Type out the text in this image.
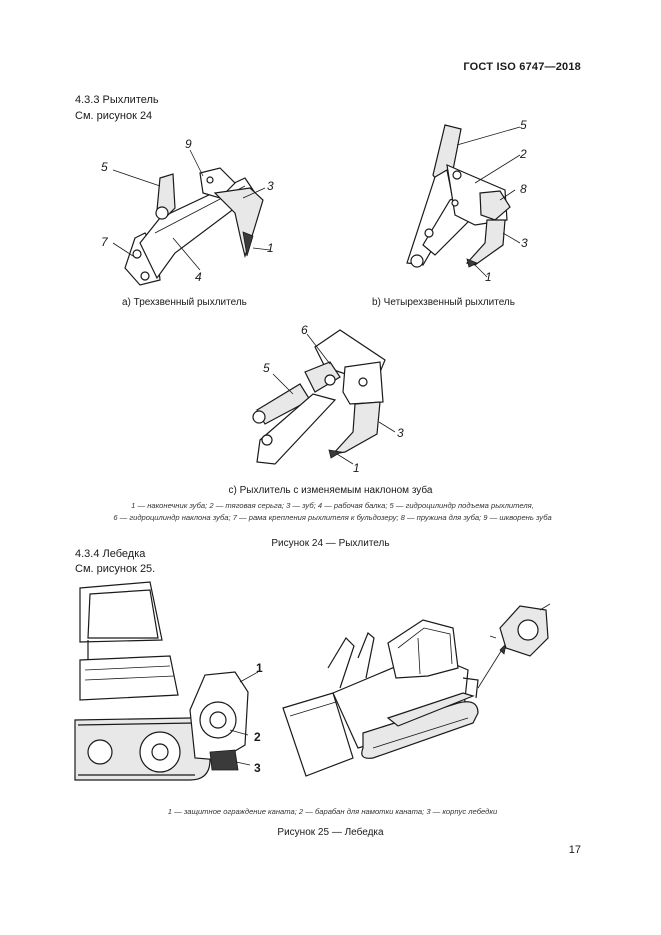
ГОСТ ISO 6747—2018
4.3.3 Рыхлитель
См. рисунок 24
9
5
3
7	1
4
5
2
8
3
1
a) Трехзвенный рыхлитель	b) Четырехзвенный рыхлитель
6
5
3
1
c) Рыхлитель с изменяемым наклоном зуба
1 — наконечник зуба; 2 — тяговая серьга; 3 — зуб; 4 — рабочая балка; 5 — гидроцилиндр подъема рыхлителя,
6 — гидроцилиндр наклона зуба; 7 — рама крепления рыхлителя к бульдозеру; 8 — пружина для зуба; 9 — шкворень зуба
Рисунок 24 — Рыхлитель
4.3.4 Лебедка
См. рисунок 25.
1
2
3
1 — защитное ограждение каната; 2 — барабан для намотки каната; 3 — корпус лебедки
Рисунок 25 — Лебедка
17
